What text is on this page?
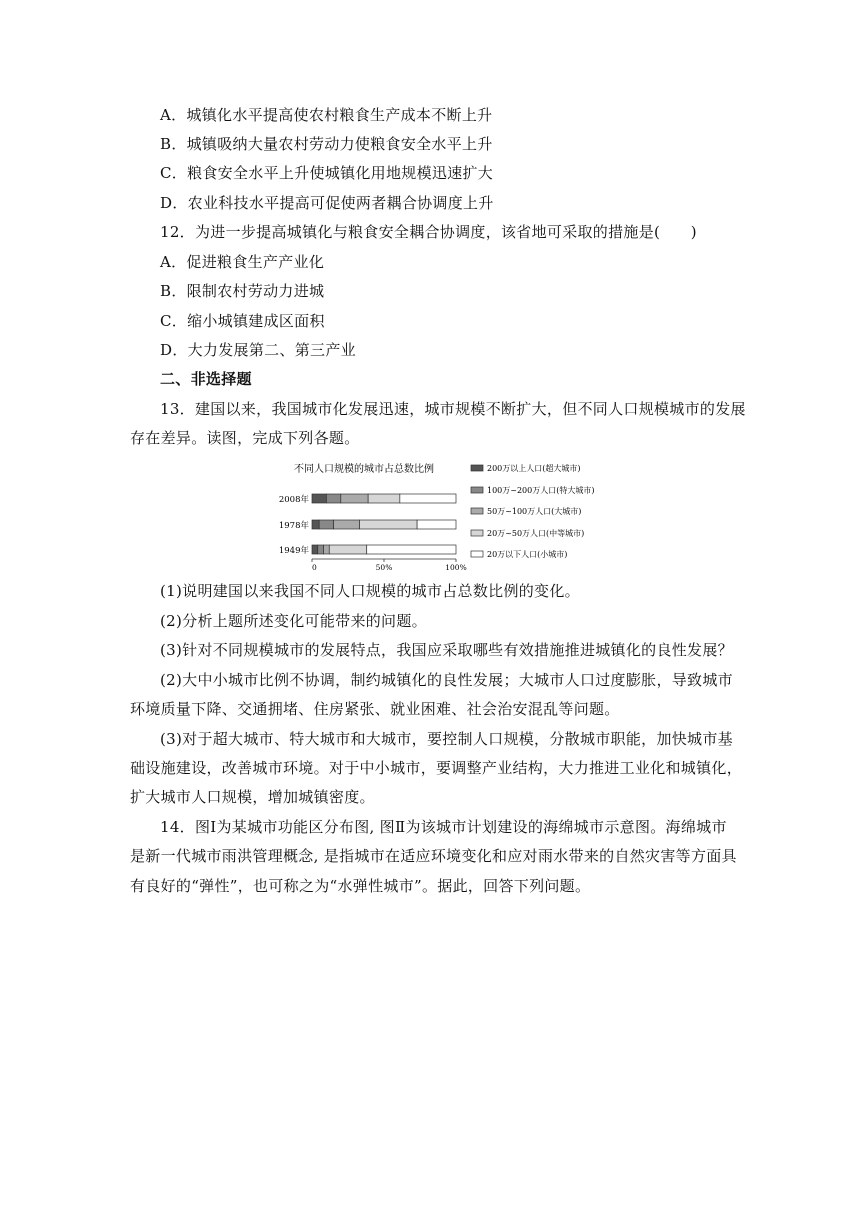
A．城镇化水平提高使农村粮食生产成本不断上升
B．城镇吸纳大量农村劳动力使粮食安全水平上升
C．粮食安全水平上升使城镇化用地规模迅速扩大
D．农业科技水平提高可促使两者耦合协调度上升
12．为进一步提高城镇化与粮食安全耦合协调度，该省地可采取的措施是(　　)
A．促进粮食生产产业化
B．限制农村劳动力进城
C．缩小城镇建成区面积
D．大力发展第二、第三产业
二、非选择题
13．建国以来，我国城市化发展迅速，城市规模不断扩大，但不同人口规模城市的发展
存在差异。读图，完成下列各题。
不同人口规模的城市占总数比例
2008年
1978年
1949年
0	50%	100%
200万以上人口(超大城市)
100万~200万人口(特大城市)
50万~100万人口(大城市)
20万~50万人口(中等城市)
20万以下人口(小城市)
(1)说明建国以来我国不同人口规模的城市占总数比例的变化。
(2)分析上题所述变化可能带来的问题。
(3)针对不同规模城市的发展特点，我国应采取哪些有效措施推进城镇化的良性发展？
(2)大中小城市比例不协调，制约城镇化的良性发展；大城市人口过度膨胀，导致城市
环境质量下降、交通拥堵、住房紧张、就业困难、社会治安混乱等问题。
(3)对于超大城市、特大城市和大城市，要控制人口规模，分散城市职能，加快城市基
础设施建设，改善城市环境。对于中小城市，要调整产业结构，大力推进工业化和城镇化，
扩大城市人口规模，增加城镇密度。
14．图Ⅰ为某城市功能区分布图, 图Ⅱ为该城市计划建设的海绵城市示意图。海绵城市
是新一代城市雨洪管理概念, 是指城市在适应环境变化和应对雨水带来的自然灾害等方面具
有良好的“弹性”，也可称之为“水弹性城市”。据此，回答下列问题。
